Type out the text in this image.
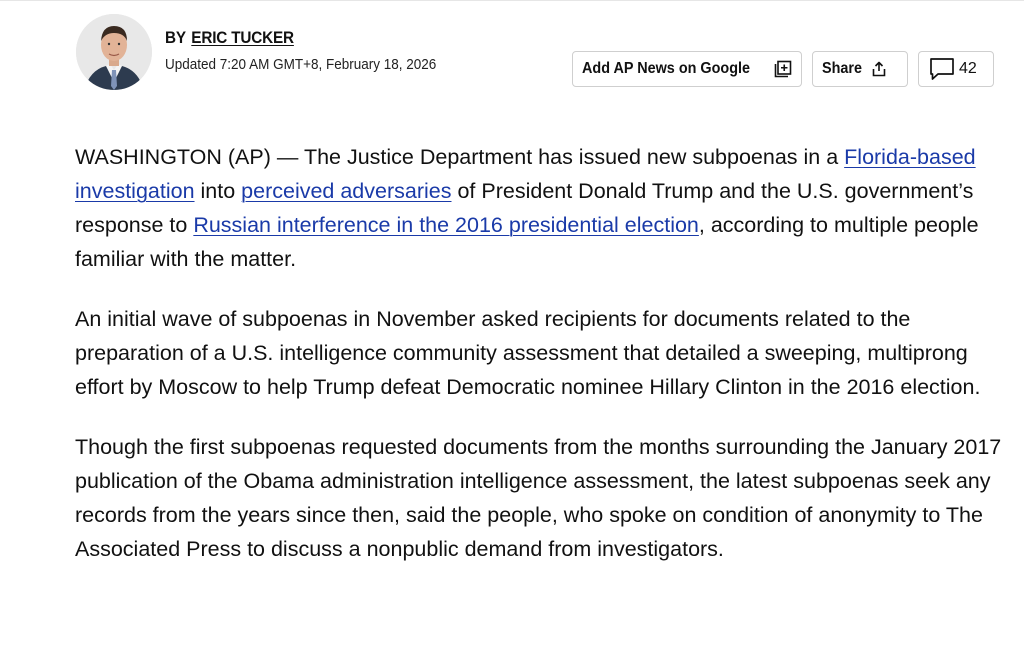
BY ERIC TUCKER
Updated 7:20 AM GMT+8, February 18, 2026	Add AP News on Google	Share	42

WASHINGTON (AP) — The Justice Department has issued new subpoenas in a Florida-based investigation into perceived adversaries of President Donald Trump and the U.S. government’s response to Russian interference in the 2016 presidential election, according to multiple people familiar with the matter.

An initial wave of subpoenas in November asked recipients for documents related to the preparation of a U.S. intelligence community assessment that detailed a sweeping, multiprong effort by Moscow to help Trump defeat Democratic nominee Hillary Clinton in the 2016 election.

Though the first subpoenas requested documents from the months surrounding the January 2017 publication of the Obama administration intelligence assessment, the latest subpoenas seek any records from the years since then, said the people, who spoke on condition of anonymity to The Associated Press to discuss a nonpublic demand from investigators.
